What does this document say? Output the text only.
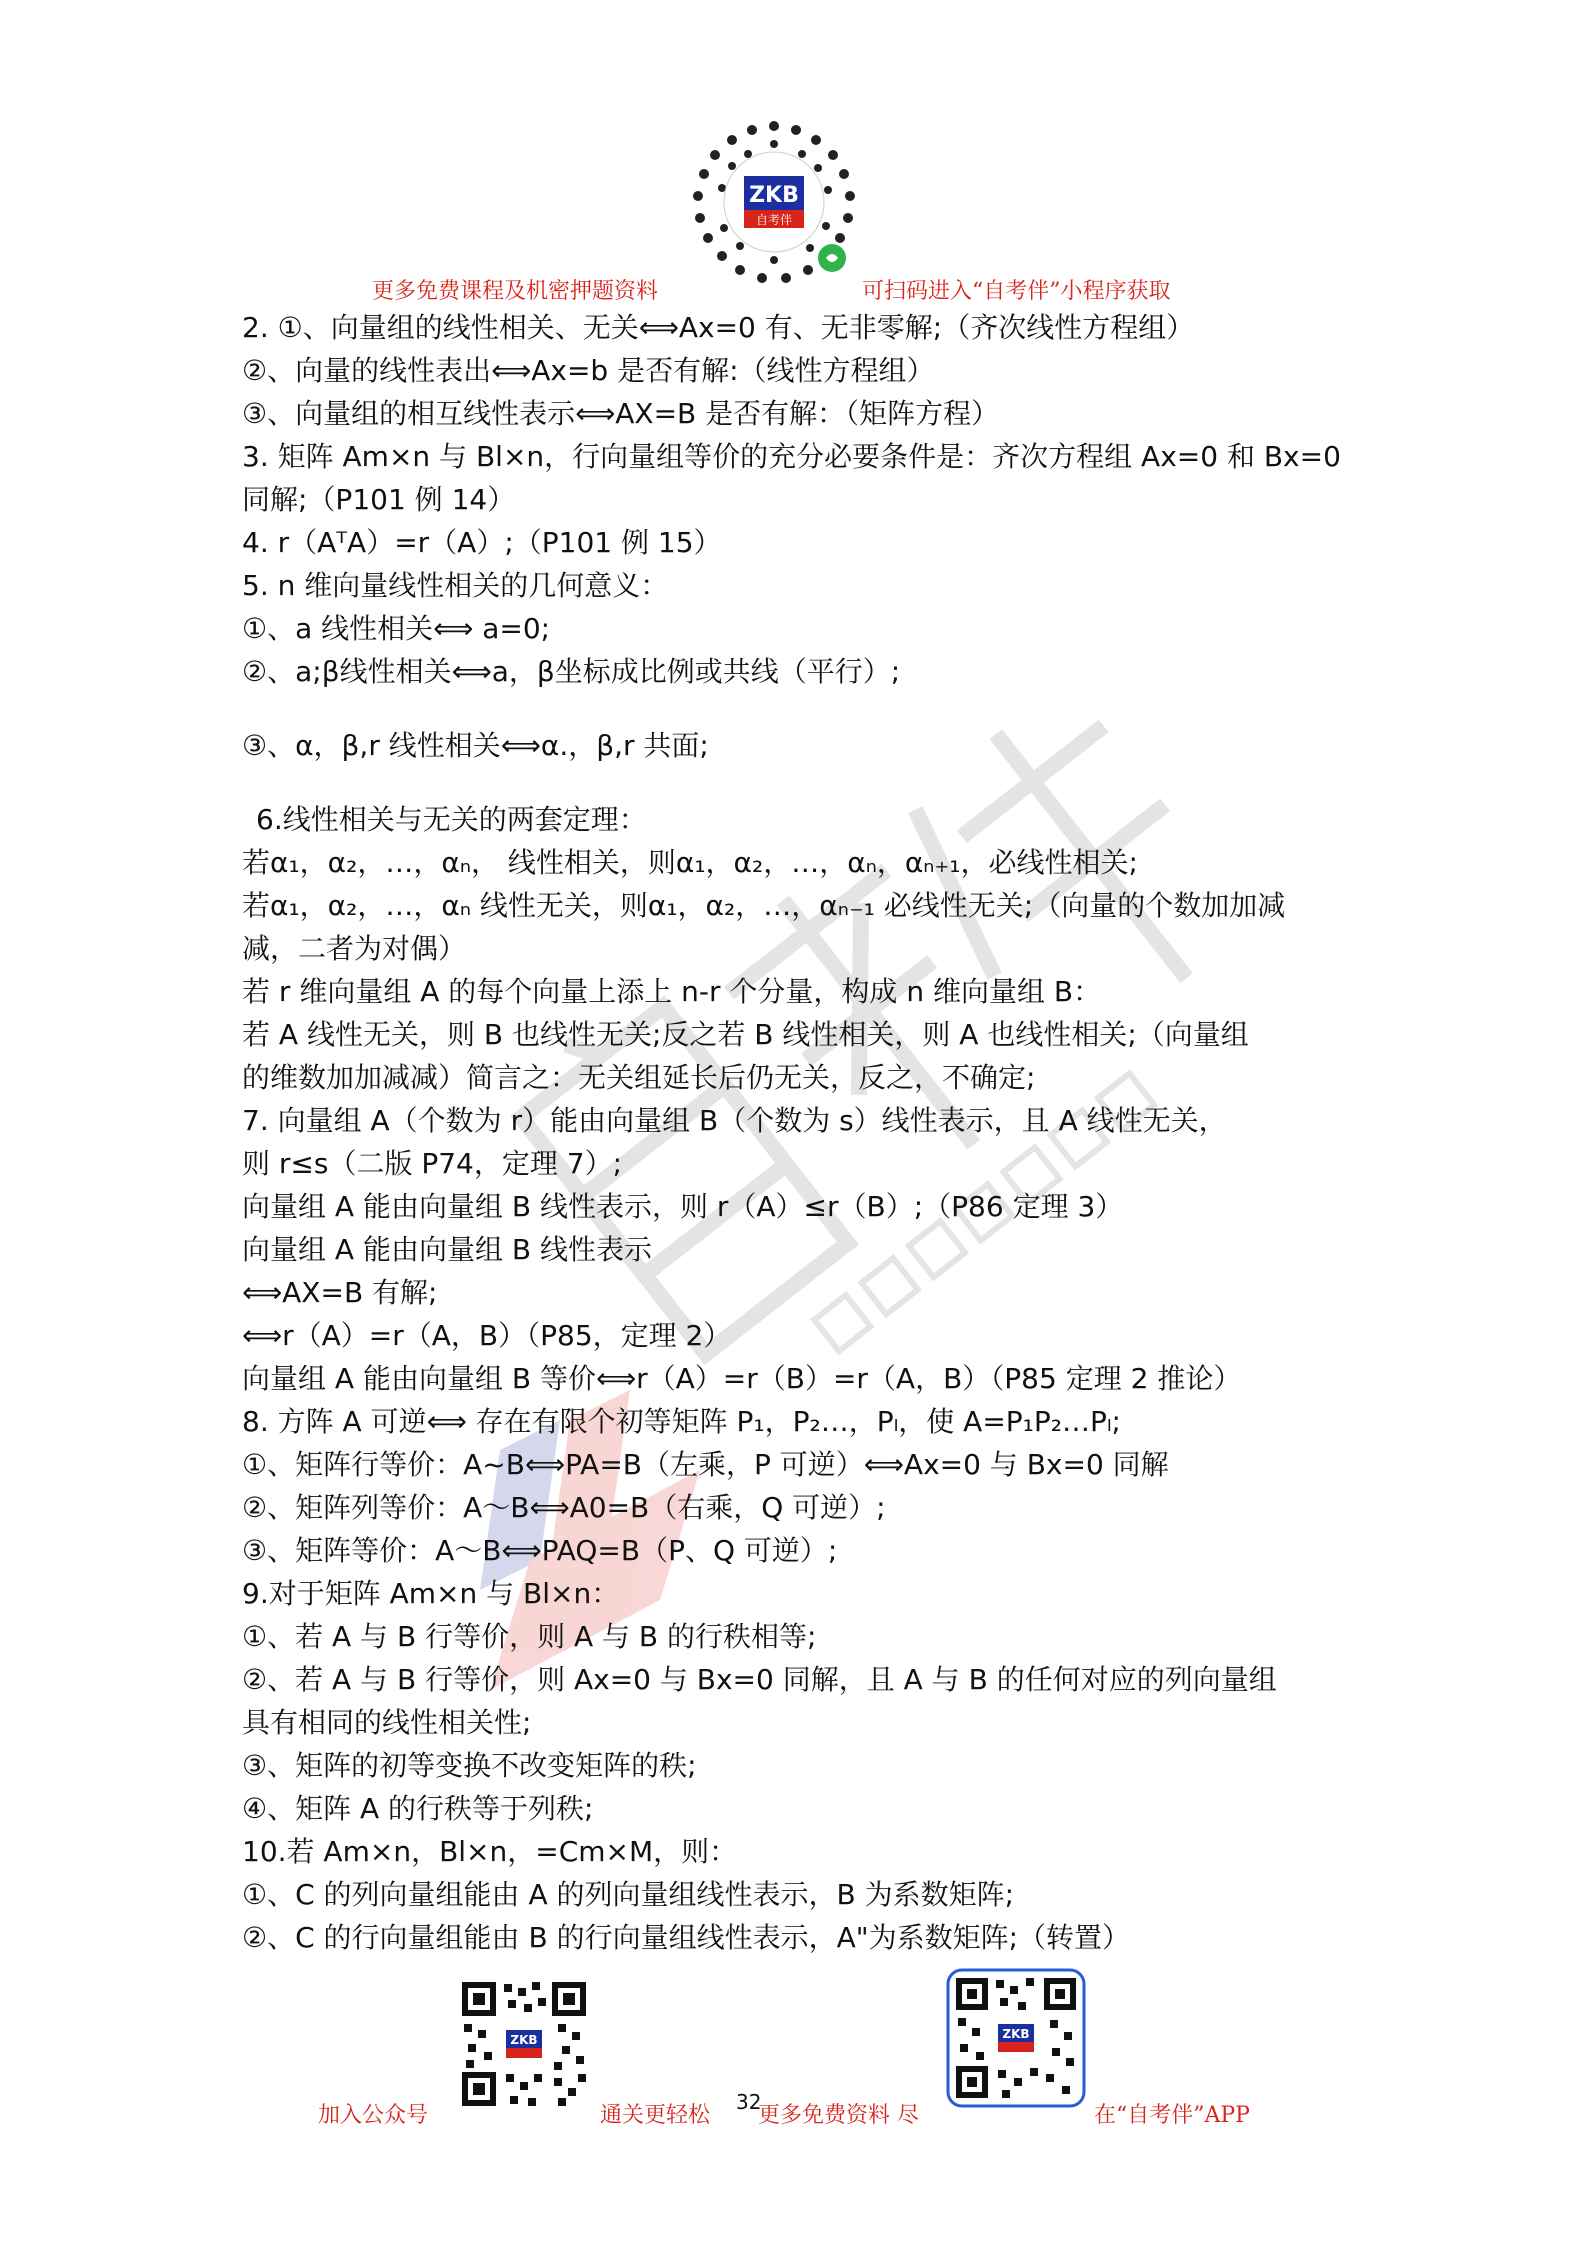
ZKB
自考伴
更多免费课程及机密押题资料	可扫码进入“自考伴”小程序获取
2. ①、向量组的线性相关、无关⟺Ax=0 有、无非零解;（齐次线性方程组）
②、向量的线性表出⟺Ax=b 是否有解:（线性方程组）
③、向量组的相互线性表示⟺AX=B 是否有解：（矩阵方程）
3. 矩阵 Am×n 与 Bl×n，行向量组等价的充分必要条件是：齐次方程组 Ax=0 和 Bx=0
同解;（P101 例 14）
4. r（AᵀA）=r（A）;（P101 例 15）
5. n 维向量线性相关的几何意义：
①、a 线性相关⟺ a=0;
②、a;β线性相关⟺a，β坐标成比例或共线（平行）;
③、α，β,r 线性相关⟺α.，β,r 共面;
6.线性相关与无关的两套定理：
若α₁，α₂，…，αₙ， 线性相关，则α₁，α₂，…，αₙ，αₙ₊₁，必线性相关;
若α₁，α₂，…，αₙ 线性无关，则α₁，α₂，…，αₙ₋₁ 必线性无关;（向量的个数加加减
减，二者为对偶）
若 r 维向量组 A 的每个向量上添上 n-r 个分量，构成 n 维向量组 B：
若 A 线性无关，则 B 也线性无关;反之若 B 线性相关，则 A 也线性相关;（向量组
的维数加加减减）简言之：无关组延长后仍无关，反之，不确定;
7. 向量组 A（个数为 r）能由向量组 B（个数为 s）线性表示，且 A 线性无关，
则 r≤s（二版 P74，定理 7）;
向量组 A 能由向量组 B 线性表示，则 r（A）≤r（B）;（P86 定理 3）
向量组 A 能由向量组 B 线性表示
⟺AX=B 有解;
⟺r（A）=r（A，B）（P85，定理 2）
向量组 A 能由向量组 B 等价⟺r（A）=r（B）=r（A，B）（P85 定理 2 推论）
8. 方阵 A 可逆⟺ 存在有限个初等矩阵 P₁，P₂…，Pₗ，使 A=P₁P₂…Pₗ;
①、矩阵行等价：A~B⟺PA=B（左乘，P 可逆）⟺Ax=0 与 Bx=0 同解
②、矩阵列等价：A～B⟺A0=B（右乘，Q 可逆）;
③、矩阵等价：A～B⟺PAQ=B（P、Q 可逆）;
9.对于矩阵 Am×n 与 Bl×n：
①、若 A 与 B 行等价，则 A 与 B 的行秩相等;
②、若 A 与 B 行等价，则 Ax=0 与 Bx=0 同解，且 A 与 B 的任何对应的列向量组
具有相同的线性相关性;
③、矩阵的初等变换不改变矩阵的秩;
④、矩阵 A 的行秩等于列秩;
10.若 Am×n，Bl×n，=Cm×M，则：
①、C 的列向量组能由 A 的列向量组线性表示，B 为系数矩阵;
②、C 的行向量组能由 B 的行向量组线性表示，A"为系数矩阵;（转置）
ZKB	ZKB
加入公众号	通关更轻松
32
更多免费资料 尽	在“自考伴”APP
